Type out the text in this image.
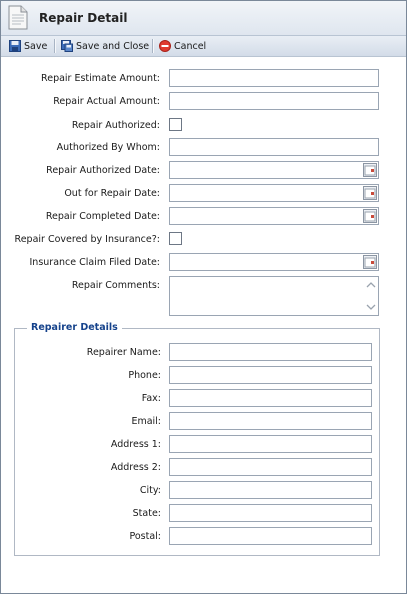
Repair Detail
Save	Save and Close	Cancel
Repair Estimate Amount:
Repair Actual Amount:
Repair Authorized:
Authorized By Whom:
Repair Authorized Date:
Out for Repair Date:
Repair Completed Date:
Repair Covered by Insurance?:
Insurance Claim Filed Date:
Repair Comments:
Repairer Details
Repairer Name:
Phone:
Fax:
Email:
Address 1:
Address 2:
City:
State:
Postal:
